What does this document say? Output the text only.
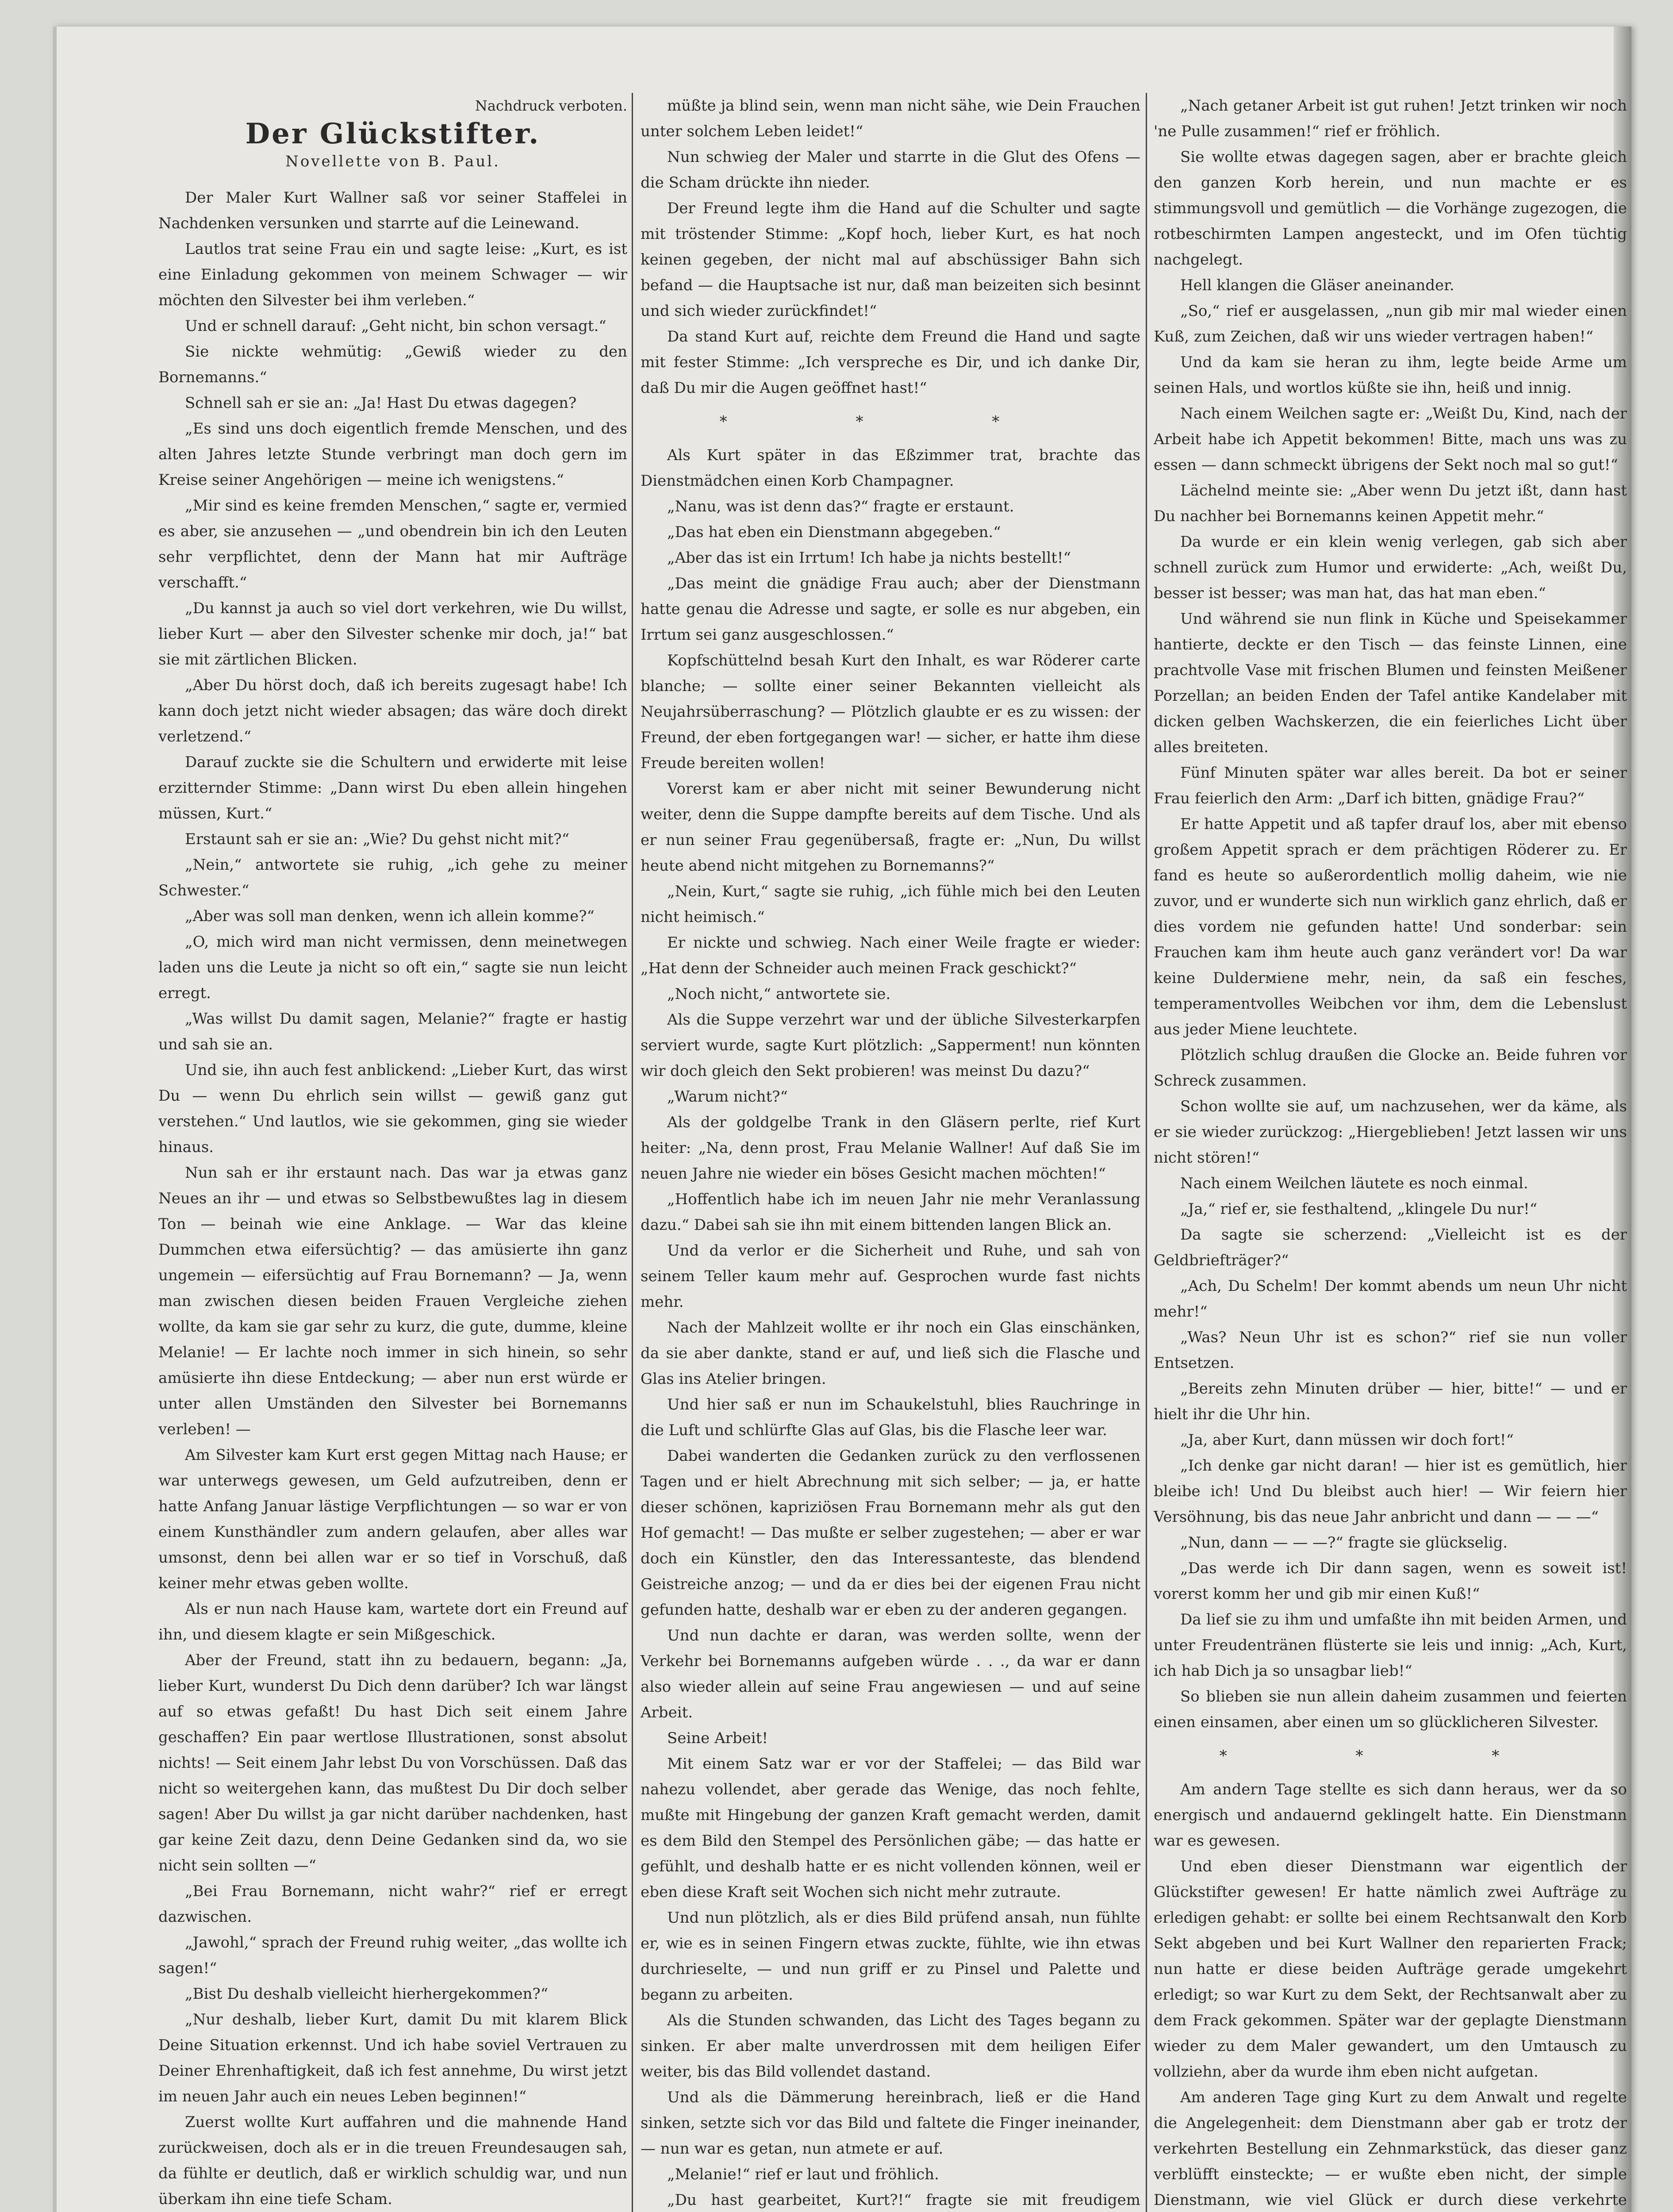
Nachdruck verboten.
Der Glückstifter.
Novellette von B. Paul.

Der Maler Kurt Wallner saß vor seiner Staffelei in Nachdenken versunken und starrte auf die Leinewand.

Lautlos trat seine Frau ein und sagte leise: „Kurt, es ist eine Einladung gekommen von meinem Schwager — wir möchten den Silvester bei ihm verleben.“

Und er schnell darauf: „Geht nicht, bin schon versagt.“

Sie nickte wehmütig: „Gewiß wieder zu den Bornemanns.“

Schnell sah er sie an: „Ja! Hast Du etwas dagegen?

„Es sind uns doch eigentlich fremde Menschen, und des alten Jahres letzte Stunde verbringt man doch gern im Kreise seiner Angehörigen — meine ich wenigstens.“

„Mir sind es keine fremden Menschen,“ sagte er, vermied es aber, sie anzusehen — „und obendrein bin ich den Leuten sehr verpflichtet, denn der Mann hat mir Aufträge verschafft.“

„Du kannst ja auch so viel dort verkehren, wie Du willst, lieber Kurt — aber den Silvester schenke mir doch, ja!“ bat sie mit zärtlichen Blicken.

„Aber Du hörst doch, daß ich bereits zugesagt habe! Ich kann doch jetzt nicht wieder absagen; das wäre doch direkt verletzend.“

Darauf zuckte sie die Schultern und erwiderte mit leise erzitternder Stimme: „Dann wirst Du eben allein hingehen müssen, Kurt.“

Erstaunt sah er sie an: „Wie? Du gehst nicht mit?“

„Nein,“ antwortete sie ruhig, „ich gehe zu meiner Schwester.“

„Aber was soll man denken, wenn ich allein komme?“

„O, mich wird man nicht vermissen, denn meinetwegen laden uns die Leute ja nicht so oft ein,“ sagte sie nun leicht erregt.

„Was willst Du damit sagen, Melanie?“ fragte er hastig und sah sie an.

Und sie, ihn auch fest anblickend: „Lieber Kurt, das wirst Du — wenn Du ehrlich sein willst — gewiß ganz gut verstehen.“ Und lautlos, wie sie gekommen, ging sie wieder hinaus.

Nun sah er ihr erstaunt nach. Das war ja etwas ganz Neues an ihr — und etwas so Selbstbewußtes lag in diesem Ton — beinah wie eine Anklage. — War das kleine Dummchen etwa eifersüchtig? — das amüsierte ihn ganz ungemein — eifersüchtig auf Frau Bornemann? — Ja, wenn man zwischen diesen beiden Frauen Vergleiche ziehen wollte, da kam sie gar sehr zu kurz, die gute, dumme, kleine Melanie! — Er lachte noch immer in sich hinein, so sehr amüsierte ihn diese Entdeckung; — aber nun erst würde er unter allen Umständen den Silvester bei Bornemanns verleben! —

Am Silvester kam Kurt erst gegen Mittag nach Hause; er war unterwegs gewesen, um Geld aufzutreiben, denn er hatte Anfang Januar lästige Verpflichtungen — so war er von einem Kunsthändler zum andern gelaufen, aber alles war umsonst, denn bei allen war er so tief in Vorschuß, daß keiner mehr etwas geben wollte.

Als er nun nach Hause kam, wartete dort ein Freund auf ihn, und diesem klagte er sein Mißgeschick.

Aber der Freund, statt ihn zu bedauern, begann: „Ja, lieber Kurt, wunderst Du Dich denn darüber? Ich war längst auf so etwas gefaßt! Du hast Dich seit einem Jahre geschaffen? Ein paar wertlose Illustrationen, sonst absolut nichts! — Seit einem Jahr lebst Du von Vorschüssen. Daß das nicht so weitergehen kann, das mußtest Du Dir doch selber sagen! Aber Du willst ja gar nicht darüber nachdenken, hast gar keine Zeit dazu, denn Deine Gedanken sind da, wo sie nicht sein sollten —“

„Bei Frau Bornemann, nicht wahr?“ rief er erregt dazwischen.

„Jawohl,“ sprach der Freund ruhig weiter, „das wollte ich sagen!“

„Bist Du deshalb vielleicht hierhergekommen?“

„Nur deshalb, lieber Kurt, damit Du mit klarem Blick Deine Situation erkennst. Und ich habe soviel Vertrauen zu Deiner Ehrenhaftigkeit, daß ich fest annehme, Du wirst jetzt im neuen Jahr auch ein neues Leben beginnen!“

Zuerst wollte Kurt auffahren und die mahnende Hand zurückweisen, doch als er in die treuen Freundesaugen sah, da fühlte er deutlich, daß er wirklich schuldig war, und nun überkam ihn eine tiefe Scham.

müßte ja blind sein, wenn man nicht sähe, wie Dein Frauchen unter solchem Leben leidet!“

Nun schwieg der Maler und starrte in die Glut des Ofens — die Scham drückte ihn nieder.

Der Freund legte ihm die Hand auf die Schulter und sagte mit tröstender Stimme: „Kopf hoch, lieber Kurt, es hat noch keinen gegeben, der nicht mal auf abschüssiger Bahn sich befand — die Hauptsache ist nur, daß man beizeiten sich besinnt und sich wieder zurückfindet!“

Da stand Kurt auf, reichte dem Freund die Hand und sagte mit fester Stimme: „Ich verspreche es Dir, und ich danke Dir, daß Du mir die Augen geöffnet hast!“

* * *

Als Kurt später in das Eßzimmer trat, brachte das Dienstmädchen einen Korb Champagner.

„Nanu, was ist denn das?“ fragte er erstaunt.

„Das hat eben ein Dienstmann abgegeben.“

„Aber das ist ein Irrtum! Ich habe ja nichts bestellt!“

„Das meint die gnädige Frau auch; aber der Dienstmann hatte genau die Adresse und sagte, er solle es nur abgeben, ein Irrtum sei ganz ausgeschlossen.“

Kopfschüttelnd besah Kurt den Inhalt, es war Röderer carte blanche; — sollte einer seiner Bekannten vielleicht als Neujahrsüberraschung? — Plötzlich glaubte er es zu wissen: der Freund, der eben fortgegangen war! — sicher, er hatte ihm diese Freude bereiten wollen!

Vorerst kam er aber nicht mit seiner Bewunderung nicht weiter, denn die Suppe dampfte bereits auf dem Tische. Und als er nun seiner Frau gegenübersaß, fragte er: „Nun, Du willst heute abend nicht mitgehen zu Bornemanns?“

„Nein, Kurt,“ sagte sie ruhig, „ich fühle mich bei den Leuten nicht heimisch.“

Er nickte und schwieg. Nach einer Weile fragte er wieder: „Hat denn der Schneider auch meinen Frack geschickt?“

„Noch nicht,“ antwortete sie.

Als die Suppe verzehrt war und der übliche Silvesterkarpfen serviert wurde, sagte Kurt plötzlich: „Sapperment! nun könnten wir doch gleich den Sekt probieren! was meinst Du dazu?“

„Warum nicht?“

Als der goldgelbe Trank in den Gläsern perlte, rief Kurt heiter: „Na, denn prost, Frau Melanie Wallner! Auf daß Sie im neuen Jahre nie wieder ein böses Gesicht machen möchten!“

„Hoffentlich habe ich im neuen Jahr nie mehr Veranlassung dazu.“ Dabei sah sie ihn mit einem bittenden langen Blick an.

Und da verlor er die Sicherheit und Ruhe, und sah von seinem Teller kaum mehr auf. Gesprochen wurde fast nichts mehr.

Nach der Mahlzeit wollte er ihr noch ein Glas einschänken, da sie aber dankte, stand er auf, und ließ sich die Flasche und Glas ins Atelier bringen.

Und hier saß er nun im Schaukelstuhl, blies Rauchringe in die Luft und schlürfte Glas auf Glas, bis die Flasche leer war.

Dabei wanderten die Gedanken zurück zu den verflossenen Tagen und er hielt Abrechnung mit sich selber; — ja, er hatte dieser schönen, kapriziösen Frau Bornemann mehr als gut den Hof gemacht! — Das mußte er selber zugestehen; — aber er war doch ein Künstler, den das Interessanteste, das blendend Geistreiche anzog; — und da er dies bei der eigenen Frau nicht gefunden hatte, deshalb war er eben zu der anderen gegangen.

Und nun dachte er daran, was werden sollte, wenn der Verkehr bei Bornemanns aufgeben würde . . ., da war er dann also wieder allein auf seine Frau angewiesen — und auf seine Arbeit.

Seine Arbeit!

Mit einem Satz war er vor der Staffelei; — das Bild war nahezu vollendet, aber gerade das Wenige, das noch fehlte, mußte mit Hingebung der ganzen Kraft gemacht werden, damit es dem Bild den Stempel des Persönlichen gäbe; — das hatte er gefühlt, und deshalb hatte er es nicht vollenden können, weil er eben diese Kraft seit Wochen sich nicht mehr zutraute.

Und nun plötzlich, als er dies Bild prüfend ansah, nun fühlte er, wie es in seinen Fingern etwas zuckte, fühlte, wie ihn etwas durchrieselte, — und nun griff er zu Pinsel und Palette und begann zu arbeiten.

Als die Stunden schwanden, das Licht des Tages begann zu sinken. Er aber malte unverdrossen mit dem heiligen Eifer weiter, bis das Bild vollendet dastand.

Und als die Dämmerung hereinbrach, ließ er die Hand sinken, setzte sich vor das Bild und faltete die Finger ineinander, — nun war es getan, nun atmete er auf.

„Melanie!“ rief er laut und fröhlich.

„Du hast gearbeitet, Kurt?!“ fragte sie mit freudigem

„Nach getaner Arbeit ist gut ruhen! Jetzt trinken wir noch 'ne Pulle zusammen!“ rief er fröhlich.

Sie wollte etwas dagegen sagen, aber er brachte gleich den ganzen Korb herein, und nun machte er es stimmungsvoll und gemütlich — die Vorhänge zugezogen, die rotbeschirmten Lampen angesteckt, und im Ofen tüchtig nachgelegt.

Hell klangen die Gläser aneinander.

„So,“ rief er ausgelassen, „nun gib mir mal wieder einen Kuß, zum Zeichen, daß wir uns wieder vertragen haben!“

Und da kam sie heran zu ihm, legte beide Arme um seinen Hals, und wortlos küßte sie ihn, heiß und innig.

Nach einem Weilchen sagte er: „Weißt Du, Kind, nach der Arbeit habe ich Appetit bekommen! Bitte, mach uns was zu essen — dann schmeckt übrigens der Sekt noch mal so gut!“

Lächelnd meinte sie: „Aber wenn Du jetzt ißt, dann hast Du nachher bei Bornemanns keinen Appetit mehr.“

Da wurde er ein klein wenig verlegen, gab sich aber schnell zurück zum Humor und erwiderte: „Ach, weißt Du, besser ist besser; was man hat, das hat man eben.“

Und während sie nun flink in Küche und Speisekammer hantierte, deckte er den Tisch — das feinste Linnen, eine prachtvolle Vase mit frischen Blumen und feinsten Meißener Porzellan; an beiden Enden der Tafel antike Kandelaber mit dicken gelben Wachskerzen, die ein feierliches Licht über alles breiteten.

Fünf Minuten später war alles bereit. Da bot er seiner Frau feierlich den Arm: „Darf ich bitten, gnädige Frau?“

Er hatte Appetit und aß tapfer drauf los, aber mit ebenso großem Appetit sprach er dem prächtigen Röderer zu. Er fand es heute so außerordentlich mollig daheim, wie nie zuvor, und er wunderte sich nun wirklich ganz ehrlich, daß er dies vordem nie gefunden hatte! Und sonderbar: sein Frauchen kam ihm heute auch ganz verändert vor! Da war keine Dulderміene mehr, nein, da saß ein fesches, temperamentvolles Weibchen vor ihm, dem die Lebenslust aus jeder Miene leuchtete.

Plötzlich schlug draußen die Glocke an. Beide fuhren vor Schreck zusammen.

Schon wollte sie auf, um nachzusehen, wer da käme, als er sie wieder zurückzog: „Hiergeblieben! Jetzt lassen wir uns nicht stören!“

Nach einem Weilchen läutete es noch einmal.

„Ja,“ rief er, sie festhaltend, „klingele Du nur!“

Da sagte sie scherzend: „Vielleicht ist es der Geldbriefträger?“

„Ach, Du Schelm! Der kommt abends um neun Uhr nicht mehr!“

„Was? Neun Uhr ist es schon?“ rief sie nun voller Entsetzen.

„Bereits zehn Minuten drüber — hier, bitte!“ — und er hielt ihr die Uhr hin.

„Ja, aber Kurt, dann müssen wir doch fort!“

„Ich denke gar nicht daran! — hier ist es gemütlich, hier bleibe ich! Und Du bleibst auch hier! — Wir feiern hier Versöhnung, bis das neue Jahr anbricht und dann — — —“

„Nun, dann — — —?“ fragte sie glückselig.

„Das werde ich Dir dann sagen, wenn es soweit ist! vorerst komm her und gib mir einen Kuß!“

Da lief sie zu ihm und umfaßte ihn mit beiden Armen, und unter Freudentränen flüsterte sie leis und innig: „Ach, Kurt, ich hab Dich ja so unsagbar lieb!“

So blieben sie nun allein daheim zusammen und feierten einen einsamen, aber einen um so glücklicheren Silvester.

* * *

Am andern Tage stellte es sich dann heraus, wer da so energisch und andauernd geklingelt hatte. Ein Dienstmann war es gewesen.

Und eben dieser Dienstmann war eigentlich der Glückstifter gewesen! Er hatte nämlich zwei Aufträge zu erledigen gehabt: er sollte bei einem Rechtsanwalt den Korb Sekt abgeben und bei Kurt Wallner den reparierten Frack; nun hatte er diese beiden Aufträge gerade umgekehrt erledigt; so war Kurt zu dem Sekt, der Rechtsanwalt aber zu dem Frack gekommen. Später war der geplagte Dienstmann wieder zu dem Maler gewandert, um den Umtausch zu vollziehn, aber da wurde ihm eben nicht aufgetan.

Am anderen Tage ging Kurt zu dem Anwalt und regelte die Angelegenheit: dem Dienstmann aber gab er trotz der verkehrten Bestellung ein Zehnmarkstück, das dieser ganz verblüfft einsteckte; — er wußte eben nicht, der simple Dienstmann, wie viel Glück er durch diese verkehrte
